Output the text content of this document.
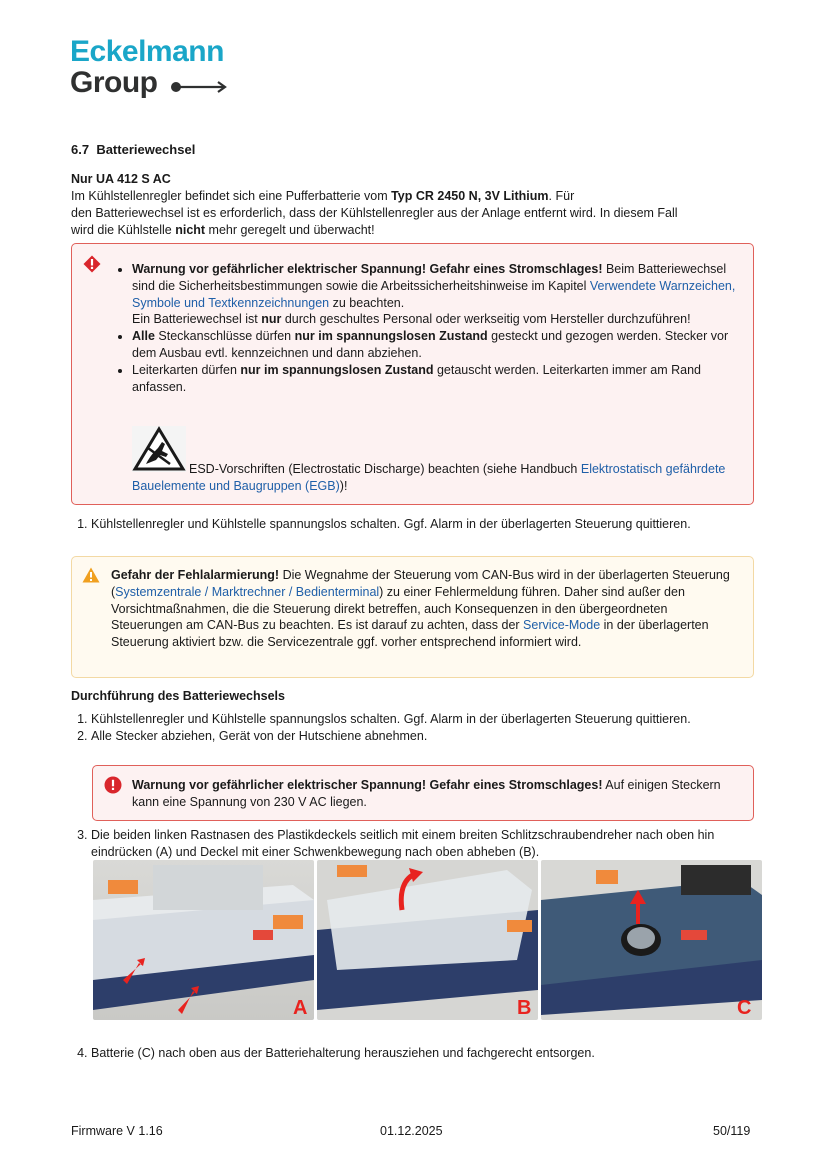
Eckelmann
Group
6.7 Batteriewechsel
Nur UA 412 S AC
Im Kühlstellenregler befindet sich eine Pufferbatterie vom Typ CR 2450 N, 3V Lithium. Für
den Batteriewechsel ist es erforderlich, dass der Kühlstellenregler aus der Anlage entfernt wird. In diesem Fall
wird die Kühlstelle nicht mehr geregelt und überwacht!
• Warnung vor gefährlicher elektrischer Spannung! Gefahr eines Stromschlages! Beim Batteriewechsel sind die Sicherheitsbestimmungen sowie die Arbeitssicherheitshinweise im Kapitel Verwendete Warnzeichen, Symbole und Textkennzeichnungen zu beachten.
Ein Batteriewechsel ist nur durch geschultes Personal oder werkseitig vom Hersteller durchzuführen!
• Alle Steckanschlüsse dürfen nur im spannungslosen Zustand gesteckt und gezogen werden. Stecker vor dem Ausbau evtl. kennzeichnen und dann abziehen.
• Leiterkarten dürfen nur im spannungslosen Zustand getauscht werden. Leiterkarten immer am Rand anfassen.
ESD-Vorschriften (Electrostatic Discharge) beachten (siehe Handbuch Elektrostatisch gefährdete Bauelemente und Baugruppen (EGB))!
1. Kühlstellenregler und Kühlstelle spannungslos schalten. Ggf. Alarm in der überlagerten Steuerung quittieren.
Gefahr der Fehlalarmierung! Die Wegnahme der Steuerung vom CAN-Bus wird in der überlagerten Steuerung (Systemzentrale / Marktrechner / Bedienterminal) zu einer Fehlermeldung führen. Daher sind außer den Vorsichtmaßnahmen, die die Steuerung direkt betreffen, auch Konsequenzen in den übergeordneten Steuerungen am CAN-Bus zu beachten. Es ist darauf zu achten, dass der Service-Mode in der überlagerten Steuerung aktiviert bzw. die Servicezentrale ggf. vorher entsprechend informiert wird.
Durchführung des Batteriewechsels
1. Kühlstellenregler und Kühlstelle spannungslos schalten. Ggf. Alarm in der überlagerten Steuerung quittieren.
2. Alle Stecker abziehen, Gerät von der Hutschiene abnehmen.
Warnung vor gefährlicher elektrischer Spannung! Gefahr eines Stromschlages! Auf einigen Steckern kann eine Spannung von 230 V AC liegen.
3. Die beiden linken Rastnasen des Plastikdeckels seitlich mit einem breiten Schlitzschraubendreher nach oben hin eindrücken (A) und Deckel mit einer Schwenkbewegung nach oben abheben (B).
A	B	C
4. Batterie (C) nach oben aus der Batteriehalterung herausziehen und fachgerecht entsorgen.
Firmware V 1.16	01.12.2025	50/119
